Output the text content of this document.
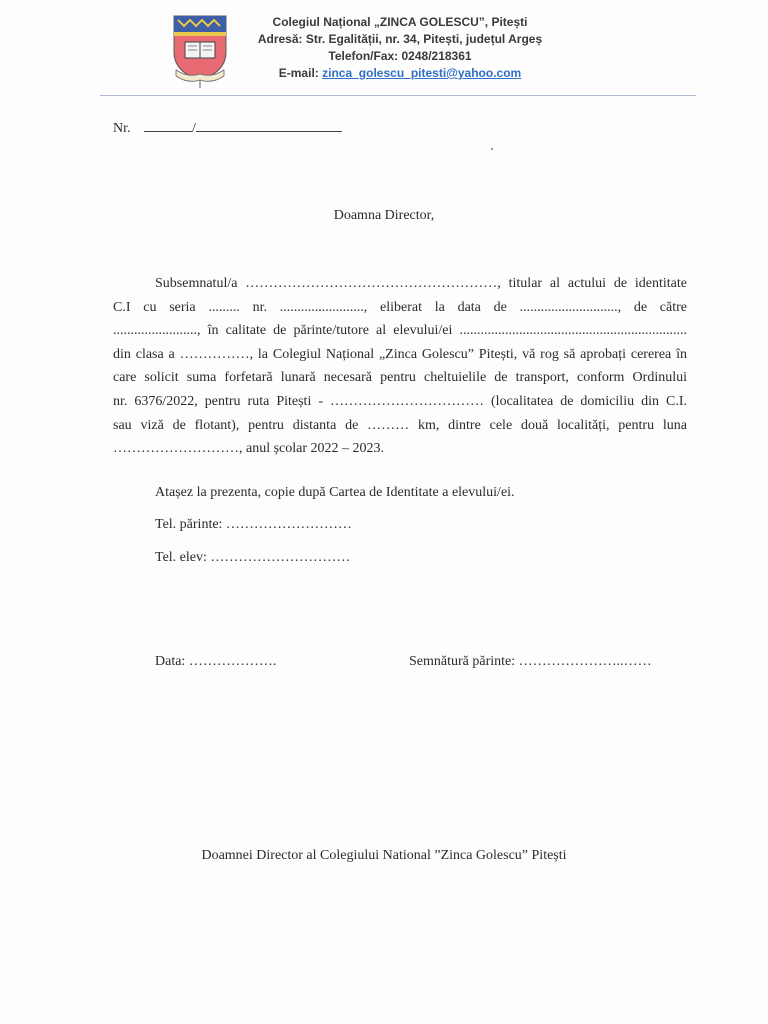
Colegiul Național „ZINCA GOLESCU”, Pitești
Adresă: Str. Egalității, nr. 34, Pitești, județul Argeș
Telefon/Fax: 0248/218361
E-mail: zinca_golescu_pitesti@yahoo.com
Nr.	/
Doamna Director,

Subsemnatul/a ………………………………………………, titular al actului de identitate
C.I cu seria ......... nr. ........................, eliberat la data de ............................, de către
........................, în calitate de părinte/tutore al elevului/ei .................................................................
din clasa a ……………, la Colegiul Național „Zinca Golescu” Pitești, vă rog să aprobați cererea în
care solicit suma forfetară lunară necesară pentru cheltuielile de transport, conform Ordinului
nr. 6376/2022, pentru ruta Pitești - …………………………… (localitatea de domiciliu din C.I.
sau viză de flotant), pentru distanta de ……… km, dintre cele două localități, pentru luna
………………………, anul școlar 2022 – 2023.

Atașez la prezenta, copie după Cartea de Identitate a elevului/ei.
Tel. părinte: ………………………
Tel. elev: …………………………
Data: ……………….	Semnătură părinte: …………………..……
Doamnei Director al Colegiului National ”Zinca Golescu” Pitești
